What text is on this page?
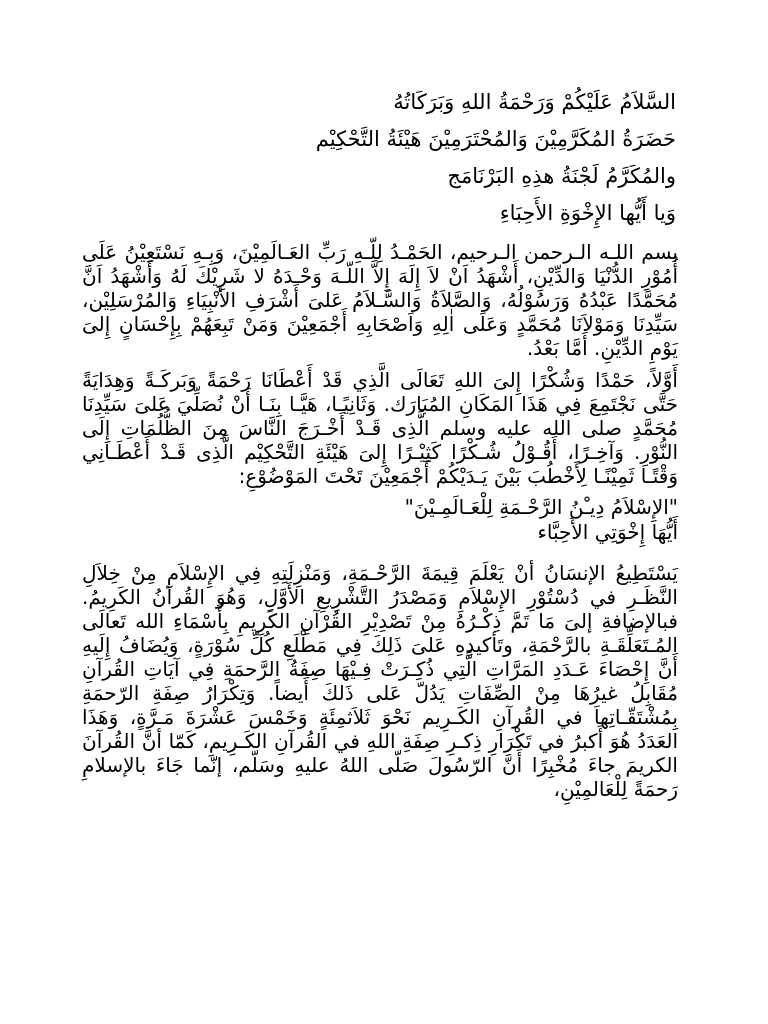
السَّلاَمُ عَلَيْكُمْ وَرَحْمَةُ اللهِ وَبَرَكَاتُهُ
حَضَرَةُ المُكَرَّمِيْنَ وَالمُحْتَرَمِيْنَ هَيْئَةُ التَّحْكِيْم
والمُكَرَّمُ لَجْنَةُ هذِهِ البَرْنَامَج
وَيا أَيُّها الإِخْوَةِ الأَحِبَاءِ

بسم اللـه الـرحمن الـرحيم، الحَمْـدُ لِلّـهِ رَبِّ العَـالَمِيْنَ، وَبِـهِ نَسْتَعِيْنُ عَلَى أُمُوْرِ الدُّنْيَا وَالدِّيْنِ، أَشْهَدُ اَنْ لاَ إِلَهَ إِلاَّ اللّـهَ وَحْـدَهُ لا شَرِيْكَ لَهُ وَأَشْهَدُ اَنَّ مُحَمَّدًا عَبْدُهُ وَرَسُوْلُهُ، وَالصَّلاَةُ وَالسَّـلاَمُ عَلىَ أَشْرَفِ الأَنْبِيَاءِ وَالمُرْسَلِيْن، سَيِّدِنَا وَمَوْلاَنَا مُحَمَّدٍ وَعَلَى اٰلِهِ وَاَصْحَابِهِ أَجْمَعِيْنَ وَمَنْ تَبِعَهُمْ بِإِحْسَانٍ إِلىَ يَوْمِ الدِّيْنِ. أَمَّا بَعْدُ.

أَوَّلاً، حَمْدًا وَشُكْرًا إِلىَ اللهِ تَعَالَى الَّذِي قَدْ أَعْطَانَا رَحْمَةً وَبَركَـةً وَهِدَايَةً حَتَّى نَجْتَمِعَ فِي هَذَا المَكَانِ المُبَارَك. وَثَانِيًـا، هَيَّـا بِنَـا أَنْ نُصَلِّيَ عَلىَ سَيِّدِنَا مُحَمَّدٍ صلى الله عليه وسلم الَّذِى قَـدْ أَخْـرَجَ النَّاسَ مِنَ الظُّلُمَاتِ إِلَى النُّوْرِ. وَآخِـرًا، أَقُـوْلُ شُـكْرًا كَثِيْـرًا إِلىَ هَيْئَةِ التَّحْكِيْم الَّذِى قَـدْ أَعْطَـانِي وَقْتًـا ثَمِيْنًـا لِأَخْطُبَ بَيْنَ يَـدَيْكُمْ أَجْمَعِيْنَ تَحْتَ المَوْضُوْعِ:

"الإِسْلاَمُ دِيـْنُ الرَّحْـمَةِ لِلْعَـالَمِـيْنَ"
أَيُّهَا إِخْوَتِي الأَحِبَّاء

يَسْتَطِيعُ الإنسَانُ أنْ يَعْلَمَ قِيمَةَ الرَّحْـمَةِ، وَمَنْزِلَتِهِ فِي الإِسْلاَمِ مِنْ خِلاَلِ النَّظَـرِ في دُسْتُوْرِ الإِسْلاَمِ وَمَصْدَرُ التَّشْرِيعِ الأَوَّلِ، وَهُوَ القُرآنُ الكَرِيمُ. فبالإضافةِ إلىَ مَا تَمَّ ذِكْـرُهُ مِنْ تَصْدِيْرِ القُرْآنِ الكَرِيمِ بِأَسْمَاءِ الله تَعالَى المُـتَعَلِّقَـةِ بالرَّحْمَةِ، وتَأكيدِهِ عَلىَ ذَلِكَ فِي مَطْلَعِ كُلِّ سُوْرَةٍ، وَيُضَافُ إِلَيهِ أَنَّ إِحْصَاءَ عَـدَدِ المَرَّاتِ الَّتِي ذُكِـرَتْ فِـيْهَا صِفَةُ الرَّحمَةِ فِي آيَاتِ القُرآنِ مُقَابِلُ غيرُهَا مِنْ الصِّفَاتِ يَدُلّ عَلى ذَلكَ أَيضاً. وَتِكْرَارُ صِفَةِ الرّحمَةِ بِمُشْتَقّـاتِهاَ في القُرآنِ الكَـرِيم نَحْوَ ثَلاَثمِئَةٍ وَخَمْسَ عَشْرَةَ مَـرَّةٍ، وَهَذَا العَدَدُ هُوَ أَكبرُ في تَكْرَارِ ذِكـرِ صِفَةِ اللهِ في القُرآنِ الكَـرِيمِ، كَمّا أنَّ القُرآنَ الكريمَ جاءَ مُخْبِرًا أَنَّ الرّسُولَ صَلّى اللهُ عليهِ وسَلّم، إنّما جَاءَ بالإسلامِ رَحمَةً لِلْعَالمِيْنِ،
